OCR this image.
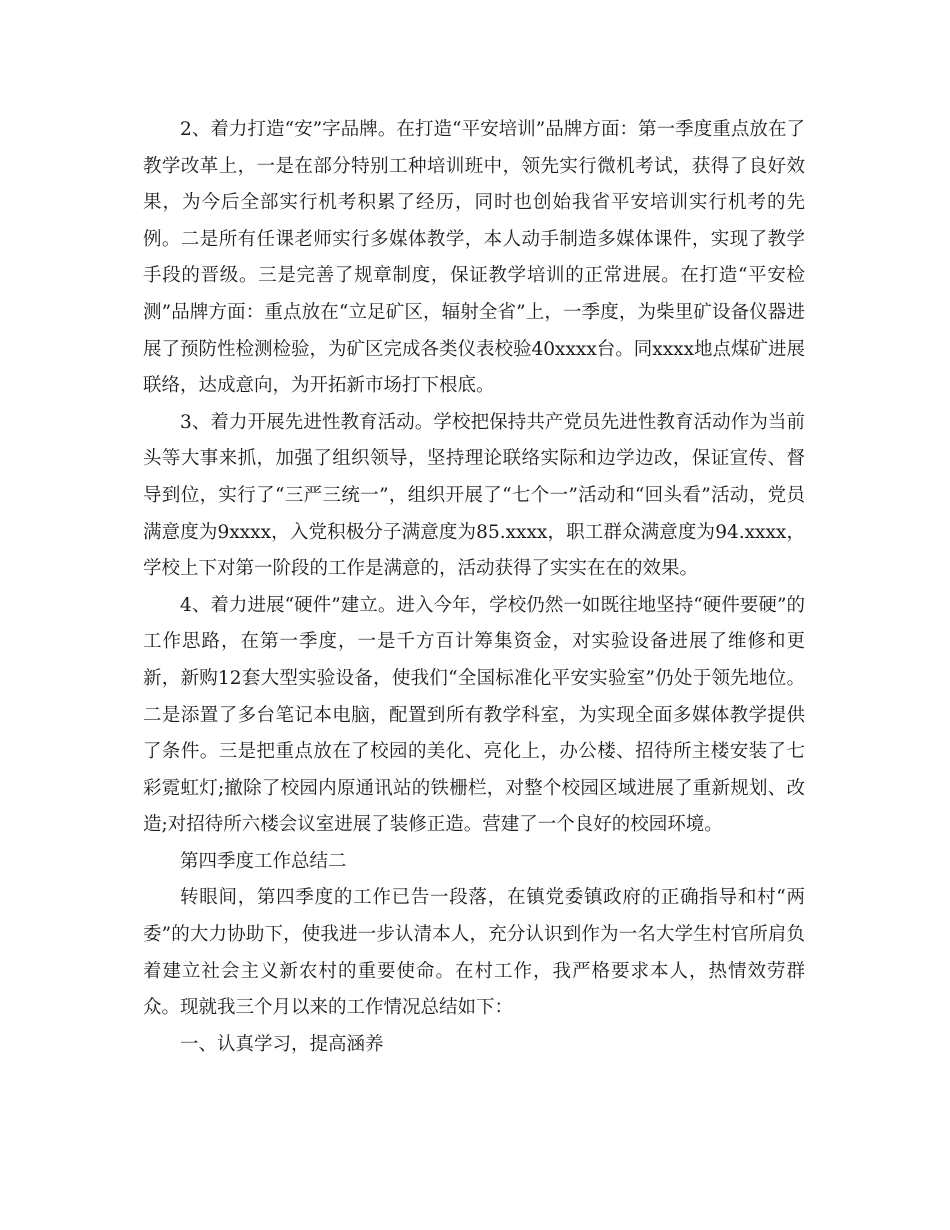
2、着力打造“安”字品牌。在打造“平安培训”品牌方面：第一季度重点放在了教学改革上，一是在部分特别工种培训班中，领先实行微机考试，获得了良好效果，为今后全部实行机考积累了经历，同时也创始我省平安培训实行机考的先例。二是所有任课老师实行多媒体教学，本人动手制造多媒体课件，实现了教学手段的晋级。三是完善了规章制度，保证教学培训的正常进展。在打造“平安检测”品牌方面：重点放在“立足矿区，辐射全省”上，一季度，为柴里矿设备仪器进展了预防性检测检验，为矿区完成各类仪表校验40xxxx台。同xxxx地点煤矿进展联络，达成意向，为开拓新市场打下根底。

3、着力开展先进性教育活动。学校把保持共产党员先进性教育活动作为当前头等大事来抓，加强了组织领导，坚持理论联络实际和边学边改，保证宣传、督导到位，实行了“三严三统一”，组织开展了“七个一”活动和“回头看”活动，党员满意度为9xxxx，入党积极分子满意度为85.xxxx，职工群众满意度为94.xxxx，学校上下对第一阶段的工作是满意的，活动获得了实实在在的效果。

4、着力进展“硬件”建立。进入今年，学校仍然一如既往地坚持“硬件要硬”的工作思路，在第一季度，一是千方百计筹集资金，对实验设备进展了维修和更新，新购12套大型实验设备，使我们“全国标准化平安实验室”仍处于领先地位。二是添置了多台笔记本电脑，配置到所有教学科室，为实现全面多媒体教学提供了条件。三是把重点放在了校园的美化、亮化上，办公楼、招待所主楼安装了七彩霓虹灯;撤除了校园内原通讯站的铁栅栏，对整个校园区域进展了重新规划、改造;对招待所六楼会议室进展了装修正造。营建了一个良好的校园环境。

第四季度工作总结二

转眼间，第四季度的工作已告一段落，在镇党委镇政府的正确指导和村“两委”的大力协助下，使我进一步认清本人，充分认识到作为一名大学生村官所肩负着建立社会主义新农村的重要使命。在村工作，我严格要求本人，热情效劳群众。现就我三个月以来的工作情况总结如下：

一、认真学习，提高涵养
